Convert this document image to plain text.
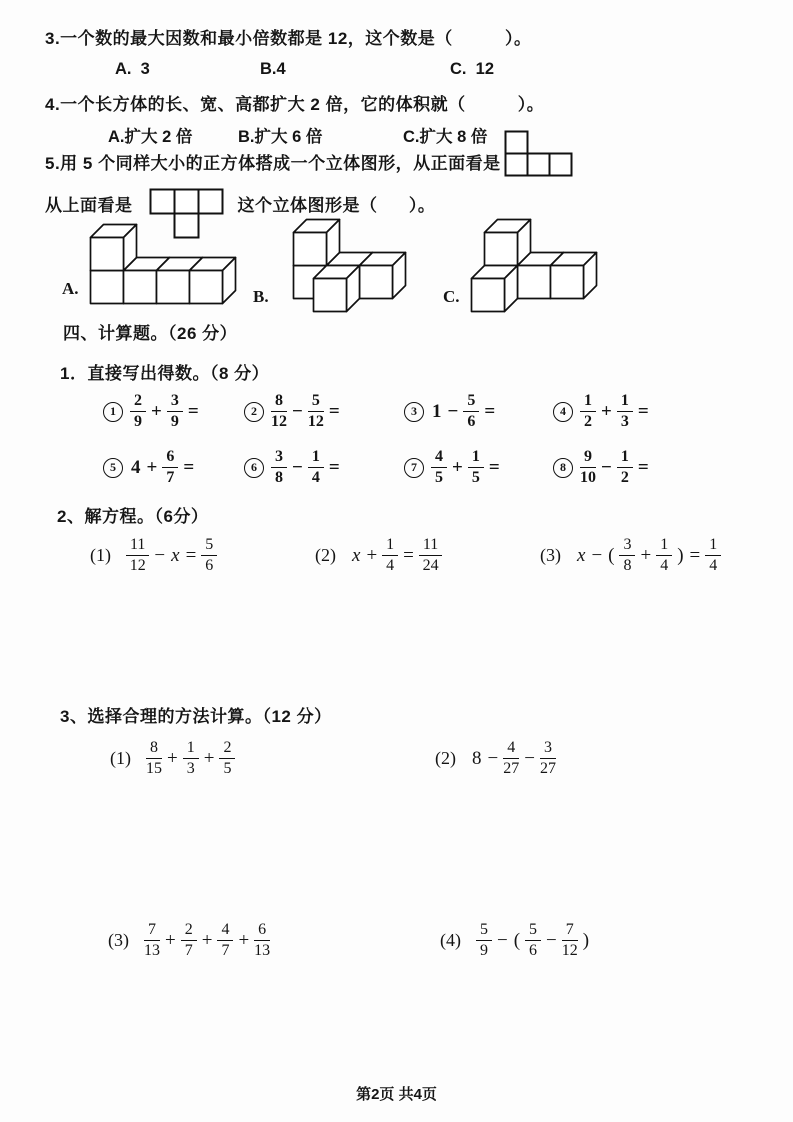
3.一个数的最大因数和最小倍数都是 12，这个数是（          ）。
A.  3	B.4	C.  12
4.一个长方体的长、宽、高都扩大 2 倍，它的体积就（          ）。
A.扩大 2 倍	B.扩大 6 倍	C.扩大 8 倍
5.用 5 个同样大小的正方体搭成一个立体图形，从正面看是
从上面看是	这个立体图形是（      ）。
A.	B.	C.
四、计算题。（26 分）
1．直接写出得数。（8 分）
$1 \frac{2}{9} + \frac{3}{9}$ =	$2 \frac{8}{12} - \frac{5}{12}$ =	3 $1 - \frac{5}{6}$ =	$4 \frac{1}{2} + \frac{1}{3}$ =
5 $4 + \frac{6}{7}$ =	$6 \frac{3}{8} - \frac{1}{4}$ =	$7 \frac{4}{5} + \frac{1}{5}$ =	$8 \frac{9}{10} - \frac{1}{2}$ =
2、解方程。（6分）
$(1) \frac{11}{12} - x = \frac{5}{6}$	(2) $x + \frac{1}{4} = \frac{11}{24}$	(3) x − ( $\frac{3}{8} + \frac{1}{4}$ ) = $\frac{1}{4}$
3、选择合理的方法计算。（12 分）
$(1) \frac{8}{15} + \frac{1}{3} + \frac{2}{5}$	(2) $8 - \frac{4}{27} - \frac{3}{27}$
$(3) \frac{7}{13} + \frac{2}{7} + \frac{4}{7} + \frac{6}{13}$	$(4) \frac{5}{9}$ − ( $\frac{5}{6} - \frac{7}{12}$ )
第2页 共4页
